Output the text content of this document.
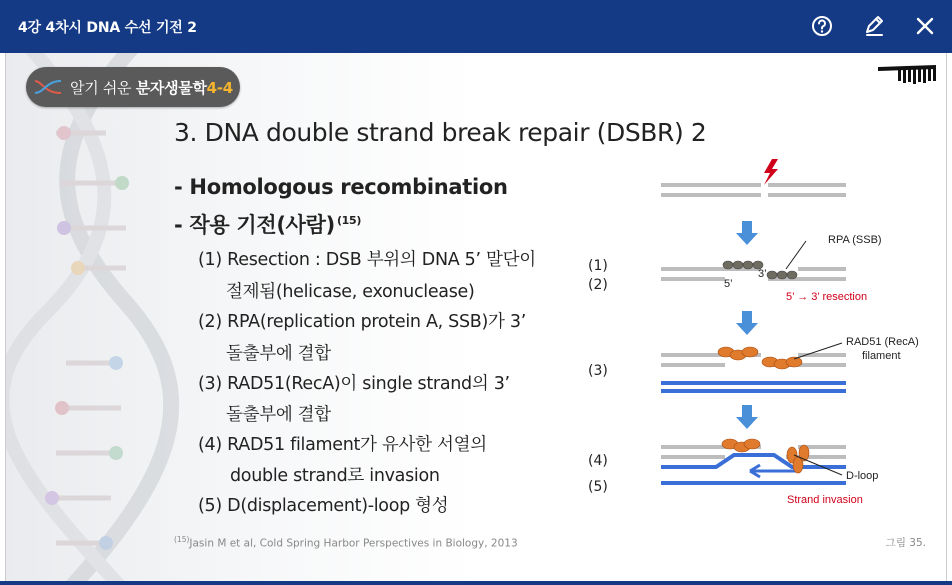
4강 4차시 DNA 수선 기전 2
알기 쉬운 분자생물학4-4
3. DNA double strand break repair (DSBR) 2
- Homologous recombination
- 작용 기전(사람) $^{(15)}$
(1) Resection : DSB 부위의 DNA 5’ 말단이
절제됨(helicase, exonuclease)
(2) RPA(replication protein A, SSB)가 3’
돌출부에 결합
(3) RAD51(RecA)이 single strand의 3’
돌출부에 결합
(4) RAD51 filament가 유사한 서열의
double strand로 invasion
(5) D(displacement)-loop 형성
(1)
(2)
(3)
(4)
(5)
RPA (SSB)
3’
5’
5’ → 3’ resection
RAD51 (RecA)
filament
D-loop
Strand invasion
$^{(15)}$Jasin M et al, Cold Spring Harbor Perspectives in Biology, 2013	그림 35.
